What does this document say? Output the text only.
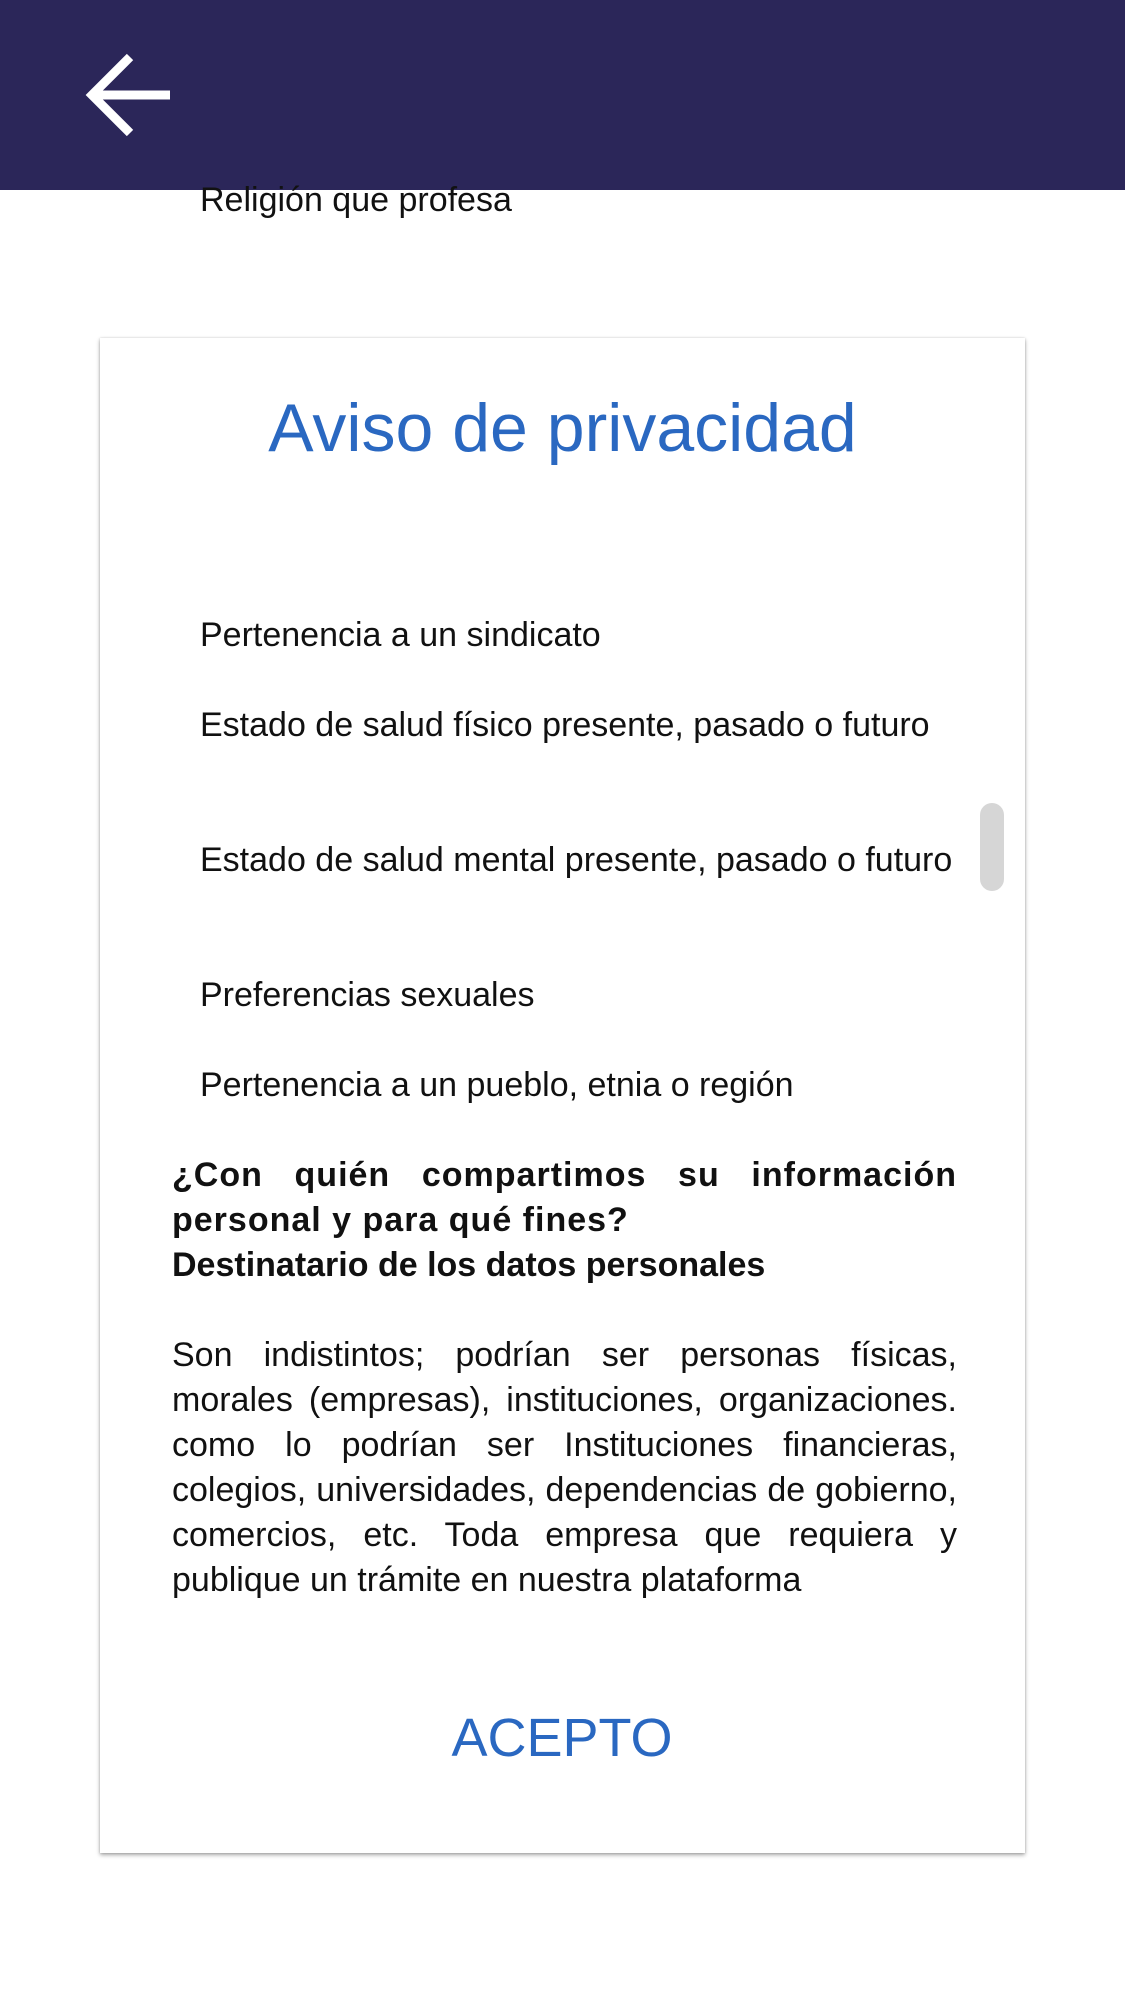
Aviso de privacidad
Religión que profesa
Pertenencia a un sindicato
Estado de salud físico presente, pasado o futuro
Estado de salud mental presente, pasado o futuro
Preferencias sexuales
Pertenencia a un pueblo, etnia o región
¿Con quién compartimos su información personal y para qué fines?
Destinatario de los datos personales
Son indistintos; podrían ser personas físicas, morales (empresas), instituciones, organizaciones. como lo podrían ser Instituciones financieras, colegios, universidades, dependencias de gobierno, comercios, etc. Toda empresa que requiera y publique un trámite en nuestra plataforma
ACEPTO
